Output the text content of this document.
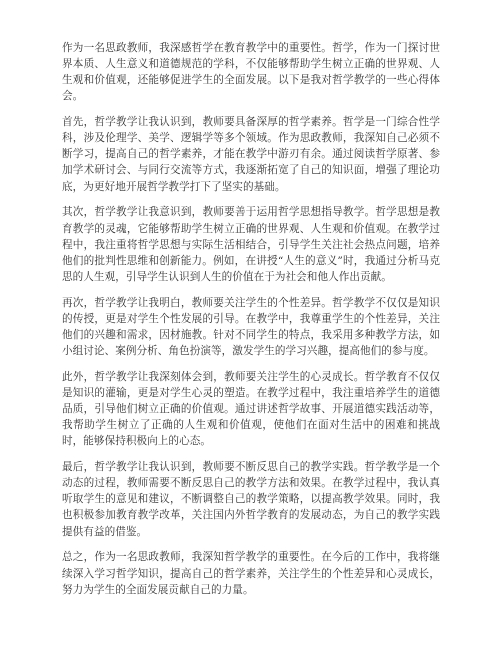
作为一名思政教师，我深感哲学在教育教学中的重要性。哲学，作为一门探讨世界本质、人生意义和道德规范的学科，不仅能够帮助学生树立正确的世界观、人生观和价值观，还能够促进学生的全面发展。以下是我对哲学教学的一些心得体会。

首先，哲学教学让我认识到，教师要具备深厚的哲学素养。哲学是一门综合性学科，涉及伦理学、美学、逻辑学等多个领域。作为思政教师，我深知自己必须不断学习，提高自己的哲学素养，才能在教学中游刃有余。通过阅读哲学原著、参加学术研讨会、与同行交流等方式，我逐渐拓宽了自己的知识面，增强了理论功底，为更好地开展哲学教学打下了坚实的基础。

其次，哲学教学让我意识到，教师要善于运用哲学思想指导教学。哲学思想是教育教学的灵魂，它能够帮助学生树立正确的世界观、人生观和价值观。在教学过程中，我注重将哲学思想与实际生活相结合，引导学生关注社会热点问题，培养他们的批判性思维和创新能力。例如，在讲授“人生的意义”时，我通过分析马克思的人生观，引导学生认识到人生的价值在于为社会和他人作出贡献。

再次，哲学教学让我明白，教师要关注学生的个性差异。哲学教学不仅仅是知识的传授，更是对学生个性发展的引导。在教学中，我尊重学生的个性差异，关注他们的兴趣和需求，因材施教。针对不同学生的特点，我采用多种教学方法，如小组讨论、案例分析、角色扮演等，激发学生的学习兴趣，提高他们的参与度。

此外，哲学教学让我深刻体会到，教师要关注学生的心灵成长。哲学教育不仅仅是知识的灌输，更是对学生心灵的塑造。在教学过程中，我注重培养学生的道德品质，引导他们树立正确的价值观。通过讲述哲学故事、开展道德实践活动等，我帮助学生树立了正确的人生观和价值观，使他们在面对生活中的困难和挑战时，能够保持积极向上的心态。

最后，哲学教学让我认识到，教师要不断反思自己的教学实践。哲学教学是一个动态的过程，教师需要不断反思自己的教学方法和效果。在教学过程中，我认真听取学生的意见和建议，不断调整自己的教学策略，以提高教学效果。同时，我也积极参加教育教学改革，关注国内外哲学教育的发展动态，为自己的教学实践提供有益的借鉴。

总之，作为一名思政教师，我深知哲学教学的重要性。在今后的工作中，我将继续深入学习哲学知识，提高自己的哲学素养，关注学生的个性差异和心灵成长，努力为学生的全面发展贡献自己的力量。
